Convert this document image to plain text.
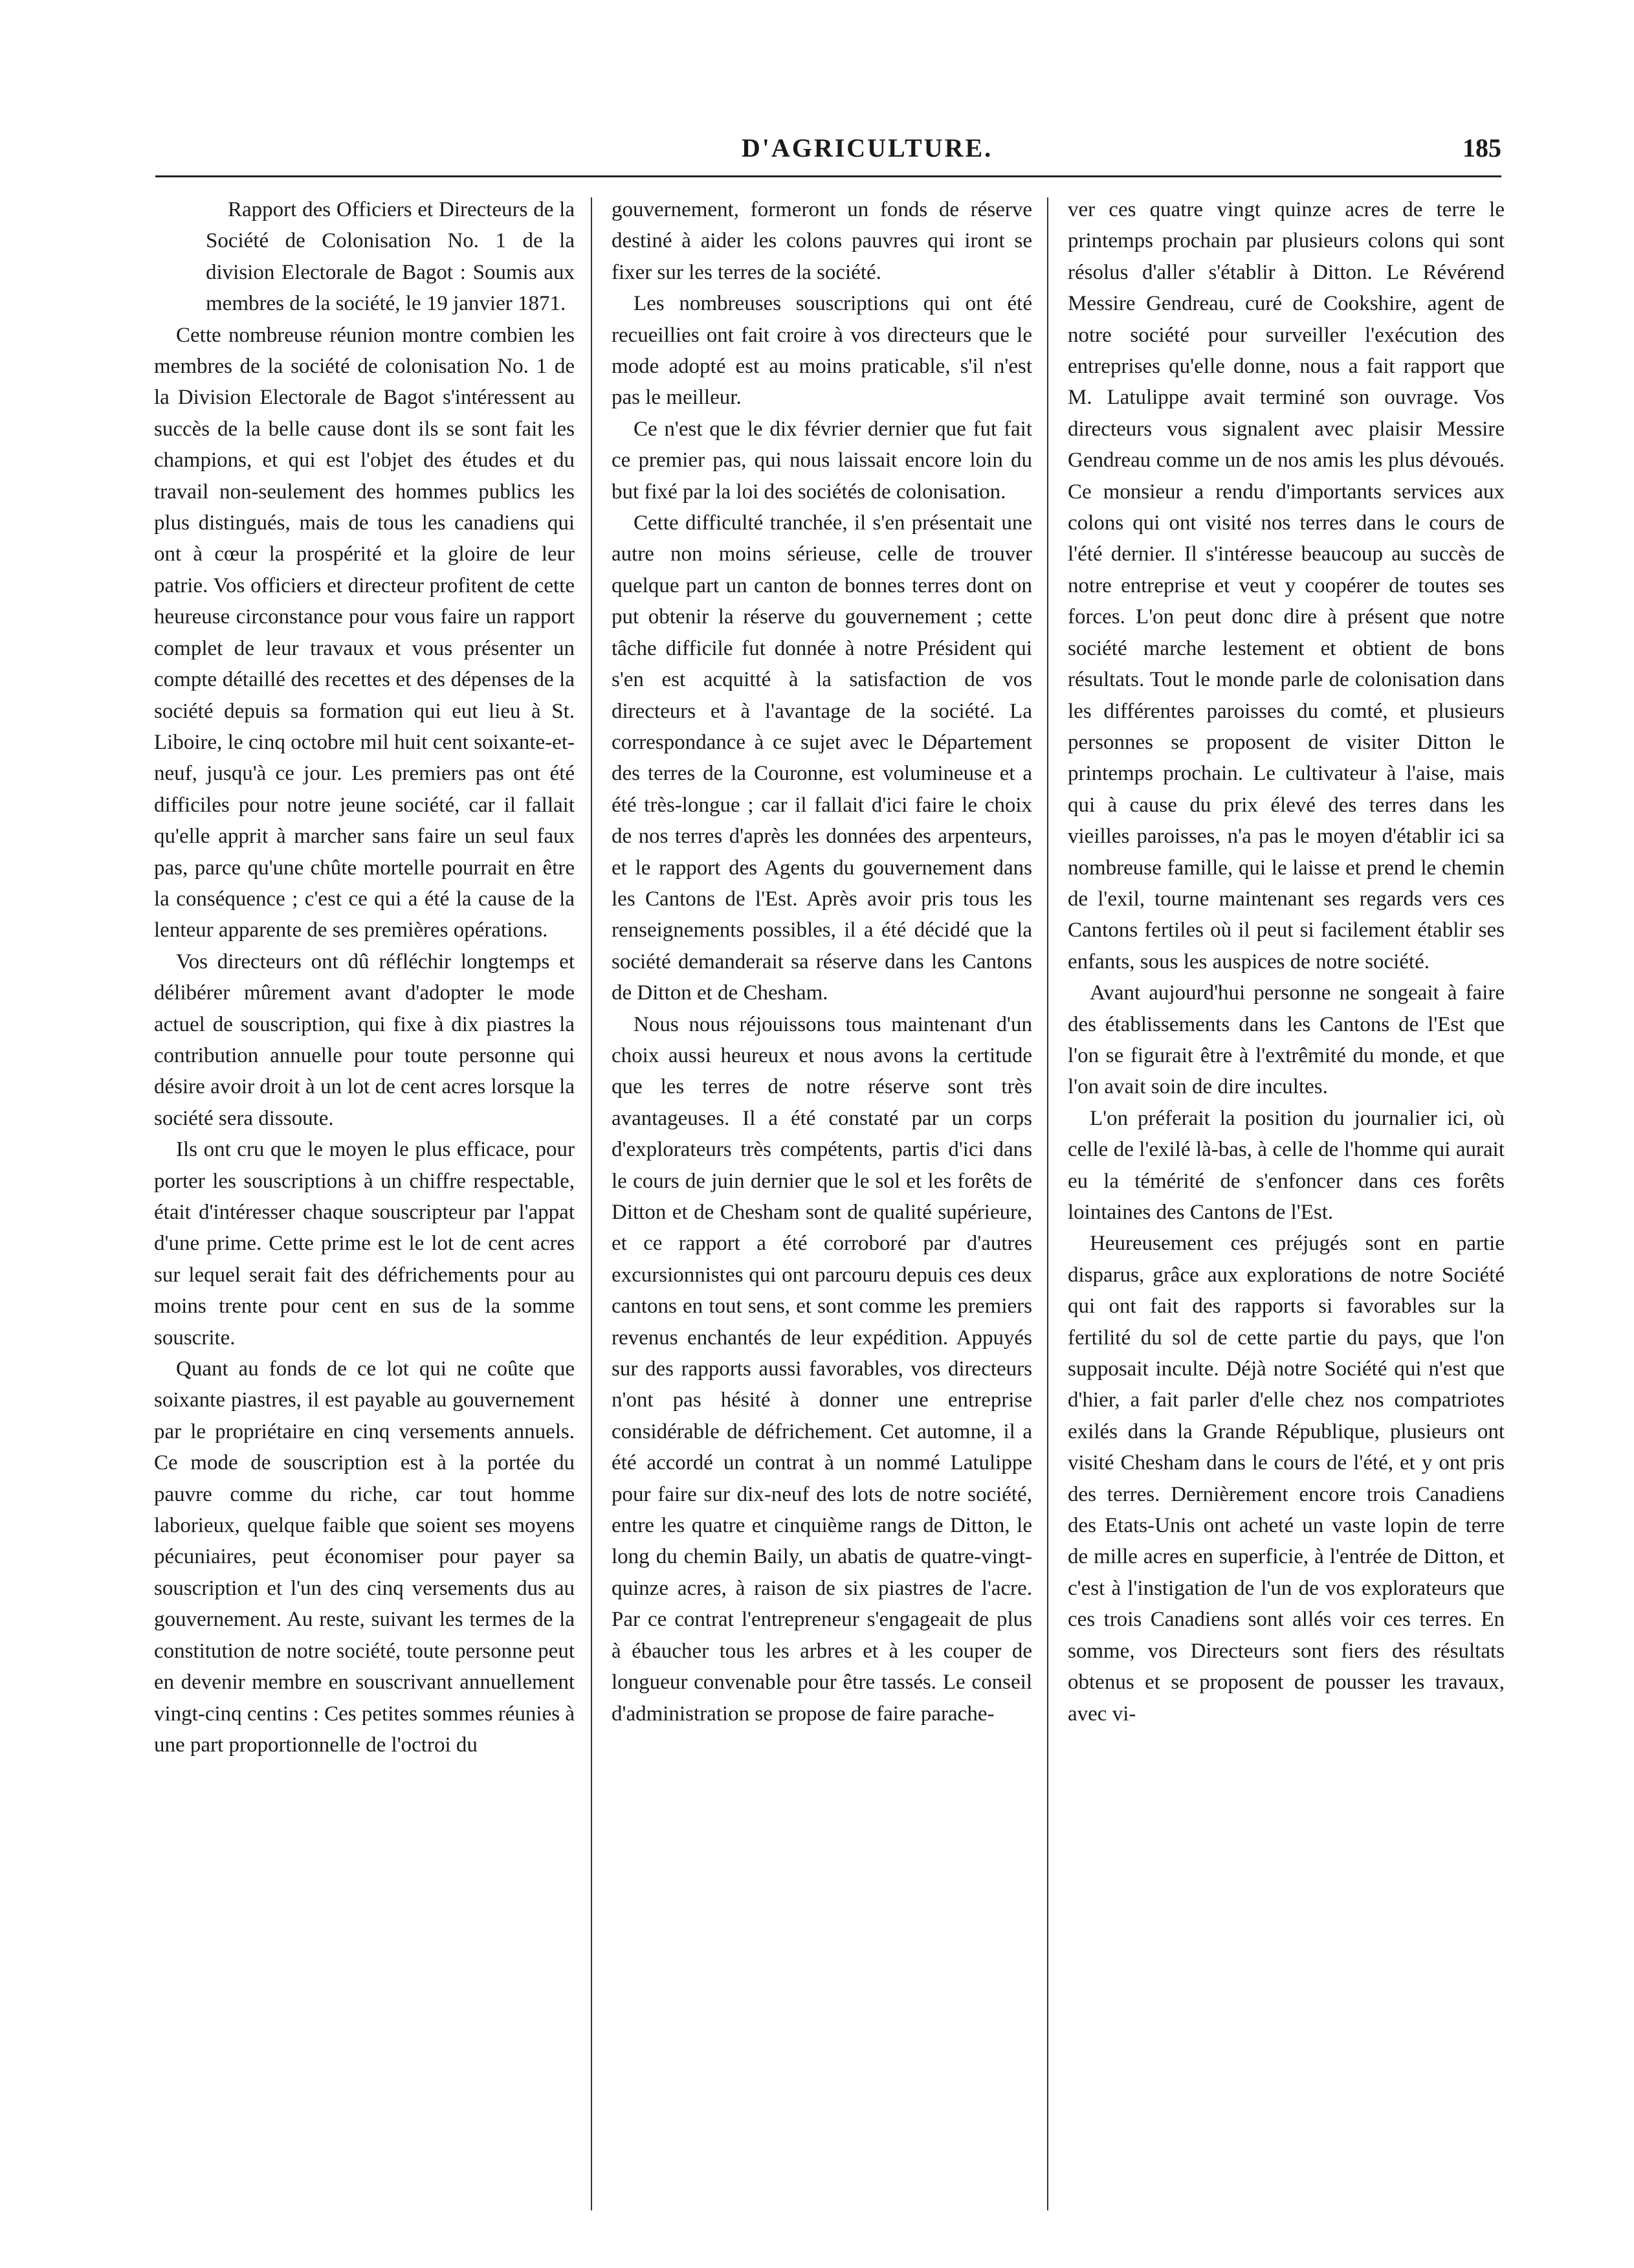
D'AGRICULTURE.	185

Rapport des Officiers et Directeurs de la Société de Colonisation No. 1 de la division Electorale de Bagot : Soumis aux membres de la société, le 19 janvier 1871.

Cette nombreuse réunion montre combien les membres de la société de colonisation No. 1 de la Division Electorale de Bagot s'intéressent au succès de la belle cause dont ils se sont fait les champions, et qui est l'objet des études et du travail non-seulement des hommes publics les plus distingués, mais de tous les canadiens qui ont à cœur la prospérité et la gloire de leur patrie. Vos officiers et directeur profitent de cette heureuse circonstance pour vous faire un rapport complet de leur travaux et vous présenter un compte détaillé des recettes et des dépenses de la société depuis sa formation qui eut lieu à St. Liboire, le cinq octobre mil huit cent soixante-et-neuf, jusqu'à ce jour. Les premiers pas ont été difficiles pour notre jeune société, car il fallait qu'elle apprit à marcher sans faire un seul faux pas, parce qu'une chûte mortelle pourrait en être la conséquence ; c'est ce qui a été la cause de la lenteur apparente de ses premières opérations.

Vos directeurs ont dû réfléchir longtemps et délibérer mûrement avant d'adopter le mode actuel de souscription, qui fixe à dix piastres la contribution annuelle pour toute personne qui désire avoir droit à un lot de cent acres lorsque la société sera dissoute.

Ils ont cru que le moyen le plus efficace, pour porter les souscriptions à un chiffre respectable, était d'intéresser chaque souscripteur par l'appat d'une prime. Cette prime est le lot de cent acres sur lequel serait fait des défrichements pour au moins trente pour cent en sus de la somme souscrite.

Quant au fonds de ce lot qui ne coûte que soixante piastres, il est payable au gouvernement par le propriétaire en cinq versements annuels. Ce mode de souscription est à la portée du pauvre comme du riche, car tout homme laborieux, quelque faible que soient ses moyens pécuniaires, peut économiser pour payer sa souscription et l'un des cinq versements dus au gouvernement. Au reste, suivant les termes de la constitution de notre société, toute personne peut en devenir membre en souscrivant annuellement vingt-cinq centins : Ces petites sommes réunies à une part proportionnelle de l'octroi du

gouvernement, formeront un fonds de réserve destiné à aider les colons pauvres qui iront se fixer sur les terres de la société.

Les nombreuses souscriptions qui ont été recueillies ont fait croire à vos directeurs que le mode adopté est au moins praticable, s'il n'est pas le meilleur.

Ce n'est que le dix février dernier que fut fait ce premier pas, qui nous laissait encore loin du but fixé par la loi des sociétés de colonisation.

Cette difficulté tranchée, il s'en présentait une autre non moins sérieuse, celle de trouver quelque part un canton de bonnes terres dont on put obtenir la réserve du gouvernement ; cette tâche difficile fut donnée à notre Président qui s'en est acquitté à la satisfaction de vos directeurs et à l'avantage de la société. La correspondance à ce sujet avec le Département des terres de la Couronne, est volumineuse et a été très-longue ; car il fallait d'ici faire le choix de nos terres d'après les données des arpenteurs, et le rapport des Agents du gouvernement dans les Cantons de l'Est. Après avoir pris tous les renseignements possibles, il a été décidé que la société demanderait sa réserve dans les Cantons de Ditton et de Chesham.

Nous nous réjouissons tous maintenant d'un choix aussi heureux et nous avons la certitude que les terres de notre réserve sont très avantageuses. Il a été constaté par un corps d'explorateurs très compétents, partis d'ici dans le cours de juin dernier que le sol et les forêts de Ditton et de Chesham sont de qualité supérieure, et ce rapport a été corroboré par d'autres excursionnistes qui ont parcouru depuis ces deux cantons en tout sens, et sont comme les premiers revenus enchantés de leur expédition. Appuyés sur des rapports aussi favorables, vos directeurs n'ont pas hésité à donner une entreprise considérable de défrichement. Cet automne, il a été accordé un contrat à un nommé Latulippe pour faire sur dix-neuf des lots de notre société, entre les quatre et cinquième rangs de Ditton, le long du chemin Baily, un abatis de quatre-vingt-quinze acres, à raison de six piastres de l'acre. Par ce contrat l'entrepreneur s'engageait de plus à ébaucher tous les arbres et à les couper de longueur convenable pour être tassés. Le conseil d'administration se propose de faire parache-

ver ces quatre vingt quinze acres de terre le printemps prochain par plusieurs colons qui sont résolus d'aller s'établir à Ditton. Le Révérend Messire Gendreau, curé de Cookshire, agent de notre société pour surveiller l'exécution des entreprises qu'elle donne, nous a fait rapport que M. Latulippe avait terminé son ouvrage. Vos directeurs vous signalent avec plaisir Messire Gendreau comme un de nos amis les plus dévoués. Ce monsieur a rendu d'importants services aux colons qui ont visité nos terres dans le cours de l'été dernier. Il s'intéresse beaucoup au succès de notre entreprise et veut y coopérer de toutes ses forces. L'on peut donc dire à présent que notre société marche lestement et obtient de bons résultats. Tout le monde parle de colonisation dans les différentes paroisses du comté, et plusieurs personnes se proposent de visiter Ditton le printemps prochain. Le cultivateur à l'aise, mais qui à cause du prix élevé des terres dans les vieilles paroisses, n'a pas le moyen d'établir ici sa nombreuse famille, qui le laisse et prend le chemin de l'exil, tourne maintenant ses regards vers ces Cantons fertiles où il peut si facilement établir ses enfants, sous les auspices de notre société.

Avant aujourd'hui personne ne songeait à faire des établissements dans les Cantons de l'Est que l'on se figurait être à l'extrêmité du monde, et que l'on avait soin de dire incultes.

L'on préferait la position du journalier ici, où celle de l'exilé là-bas, à celle de l'homme qui aurait eu la témérité de s'enfoncer dans ces forêts lointaines des Cantons de l'Est.

Heureusement ces préjugés sont en partie disparus, grâce aux explorations de notre Société qui ont fait des rapports si favorables sur la fertilité du sol de cette partie du pays, que l'on supposait inculte. Déjà notre Société qui n'est que d'hier, a fait parler d'elle chez nos compatriotes exilés dans la Grande République, plusieurs ont visité Chesham dans le cours de l'été, et y ont pris des terres. Dernièrement encore trois Canadiens des Etats-Unis ont acheté un vaste lopin de terre de mille acres en superficie, à l'entrée de Ditton, et c'est à l'instigation de l'un de vos explorateurs que ces trois Canadiens sont allés voir ces terres. En somme, vos Directeurs sont fiers des résultats obtenus et se proposent de pousser les travaux, avec vi-
